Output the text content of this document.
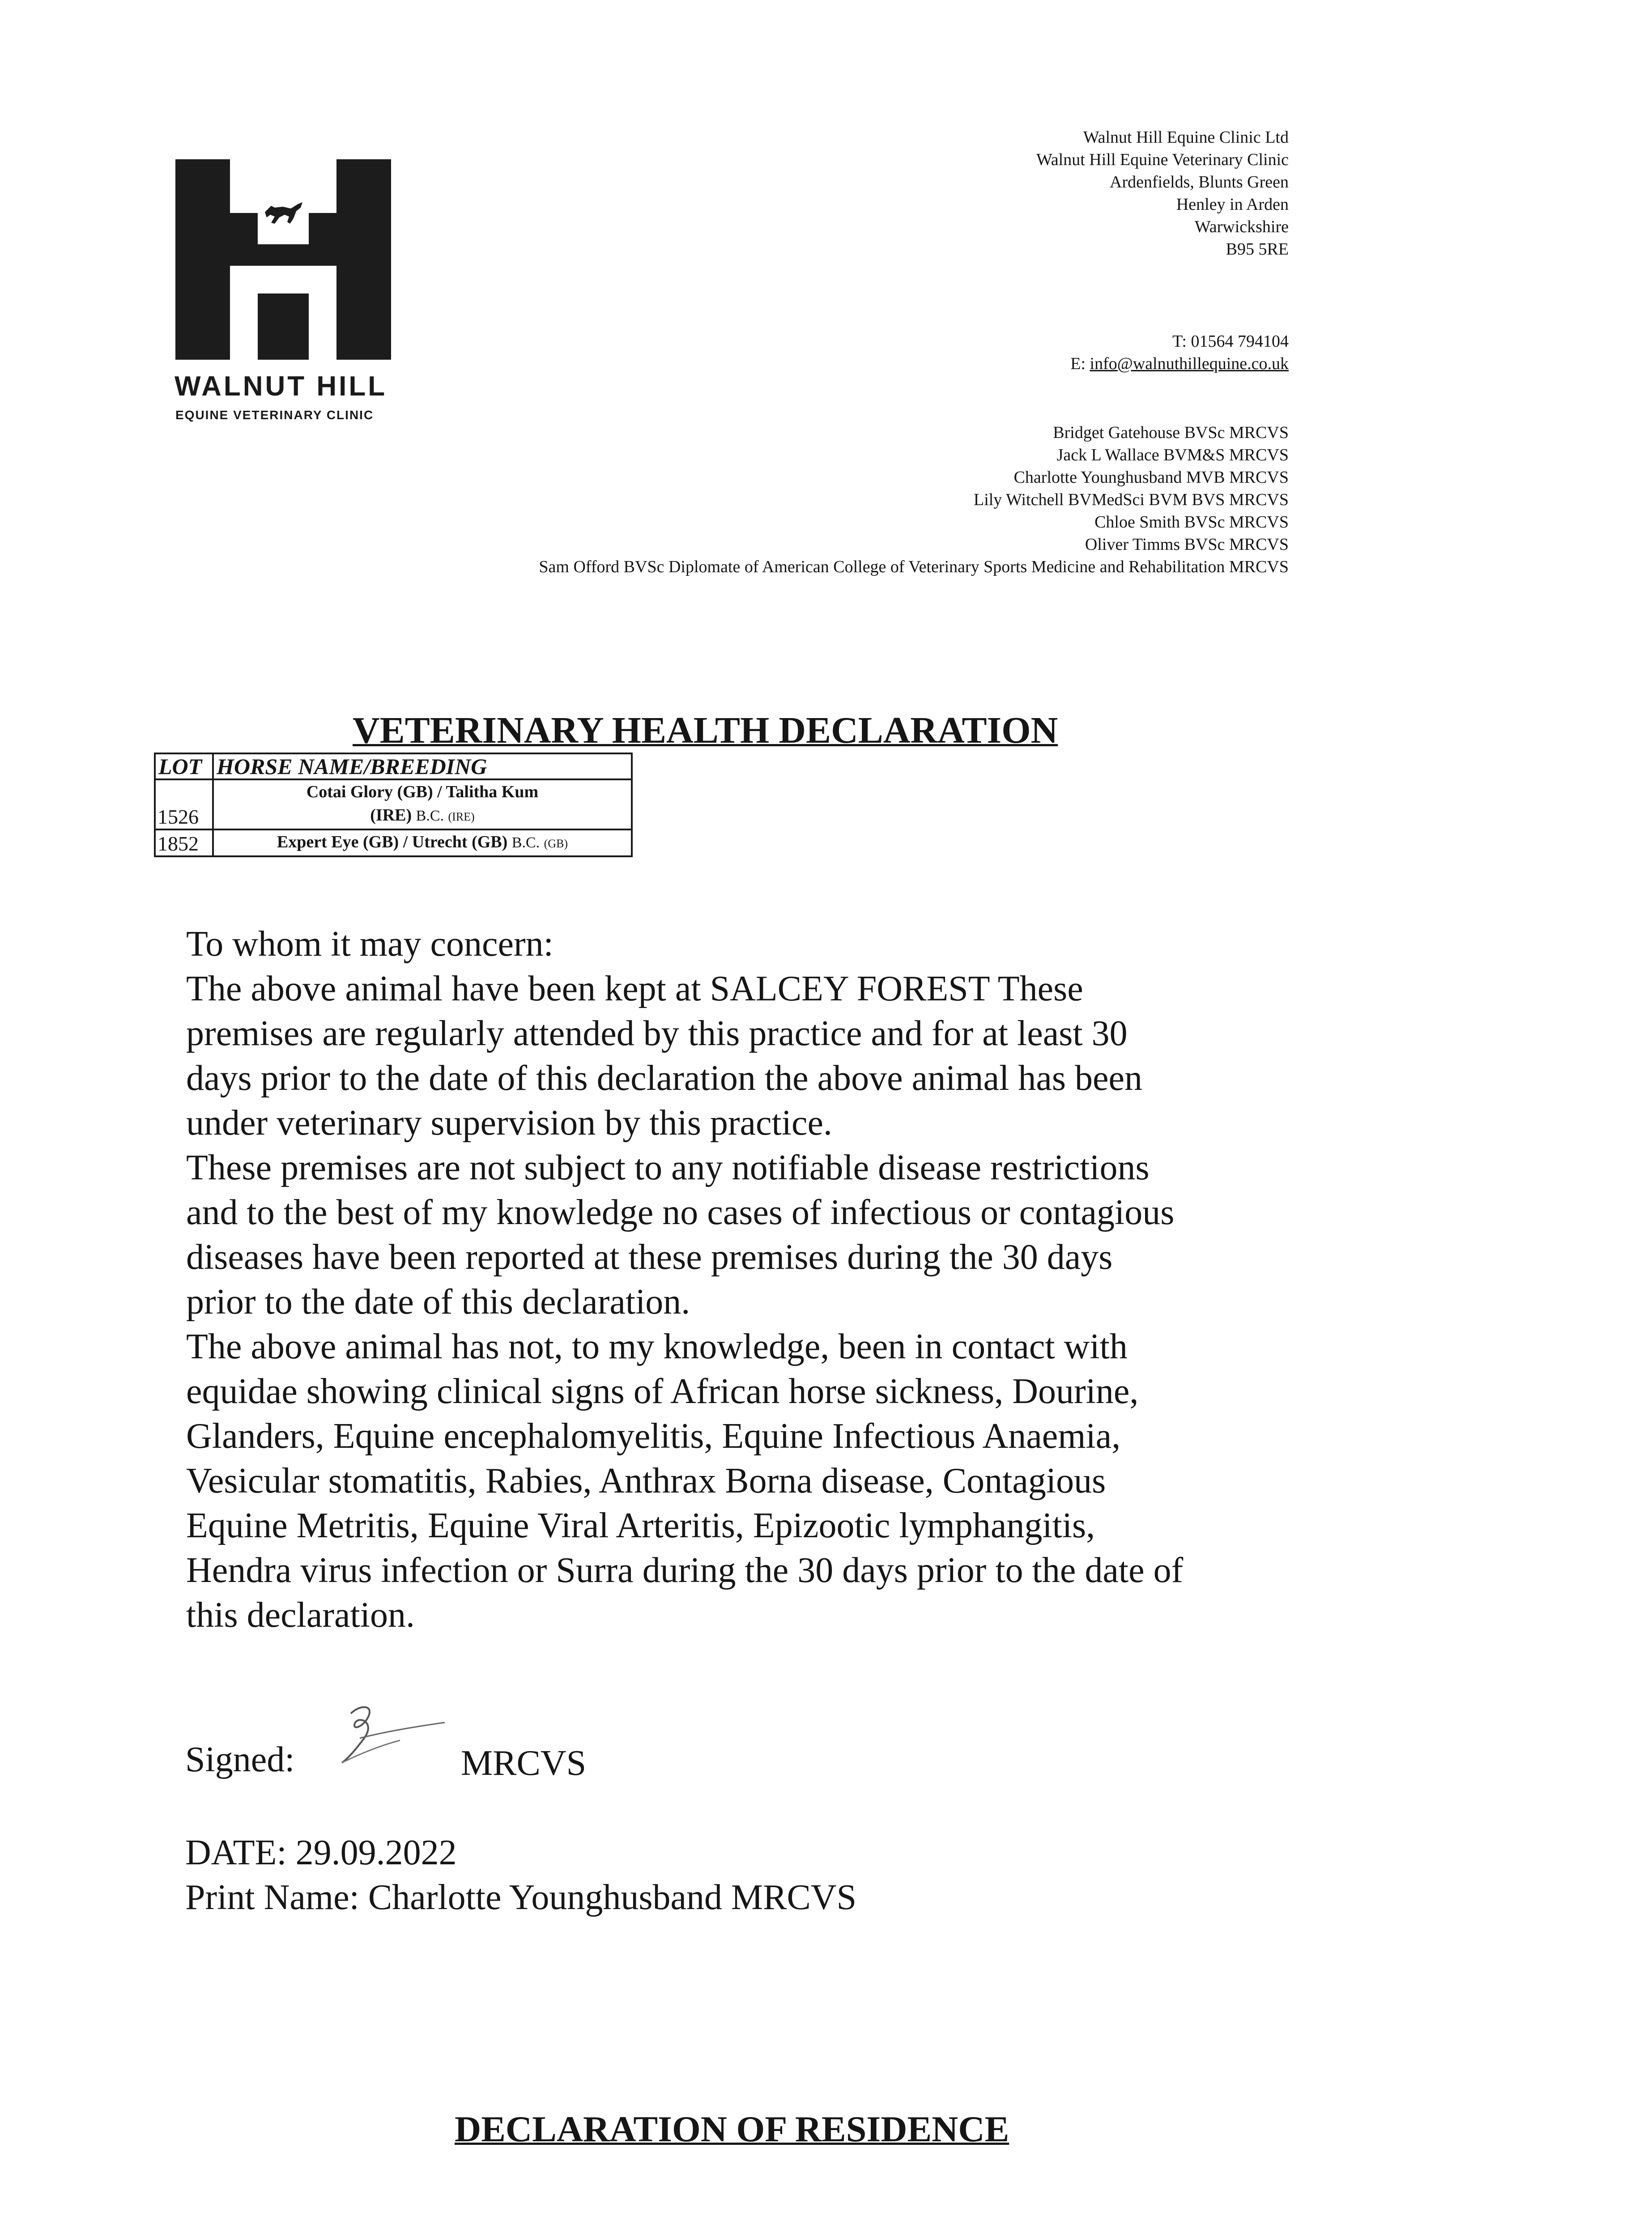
WALNUT HILL
EQUINE VETERINARY CLINIC
Walnut Hill Equine Clinic Ltd
Walnut Hill Equine Veterinary Clinic
Ardenfields, Blunts Green
Henley in Arden
Warwickshire
B95 5RE
T: 01564 794104
E: info@walnuthillequine.co.uk
Bridget Gatehouse BVSc MRCVS
Jack L Wallace BVM&S MRCVS
Charlotte Younghusband MVB MRCVS
Lily Witchell BVMedSci BVM BVS MRCVS
Chloe Smith BVSc MRCVS
Oliver Timms BVSc MRCVS
Sam Offord BVSc Diplomate of American College of Veterinary Sports Medicine and Rehabilitation MRCVS
VETERINARY HEALTH DECLARATION
LOT	HORSE NAME/BREEDING
1526	Cotai Glory (GB) / Talitha Kum
(IRE) B.C. (IRE)

1852	Expert Eye (GB) / Utrecht (GB) B.C. (GB)

To whom it may concern:

The above animal have been kept at SALCEY FOREST These

premises are regularly attended by this practice and for at least 30

days prior to the date of this declaration the above animal has been

under veterinary supervision by this practice.

These premises are not subject to any notifiable disease restrictions

and to the best of my knowledge no cases of infectious or contagious

diseases have been reported at these premises during the 30 days

prior to the date of this declaration.

The above animal has not, to my knowledge, been in contact with

equidae showing clinical signs of African horse sickness, Dourine,

Glanders, Equine encephalomyelitis, Equine Infectious Anaemia,

Vesicular stomatitis, Rabies, Anthrax Borna disease, Contagious

Equine Metritis, Equine Viral Arteritis, Epizootic lymphangitis,

Hendra virus infection or Surra during the 30 days prior to the date of

this declaration.

Signed:	MRCVS
DATE: 29.09.2022
Print Name: Charlotte Younghusband MRCVS
DECLARATION OF RESIDENCE
